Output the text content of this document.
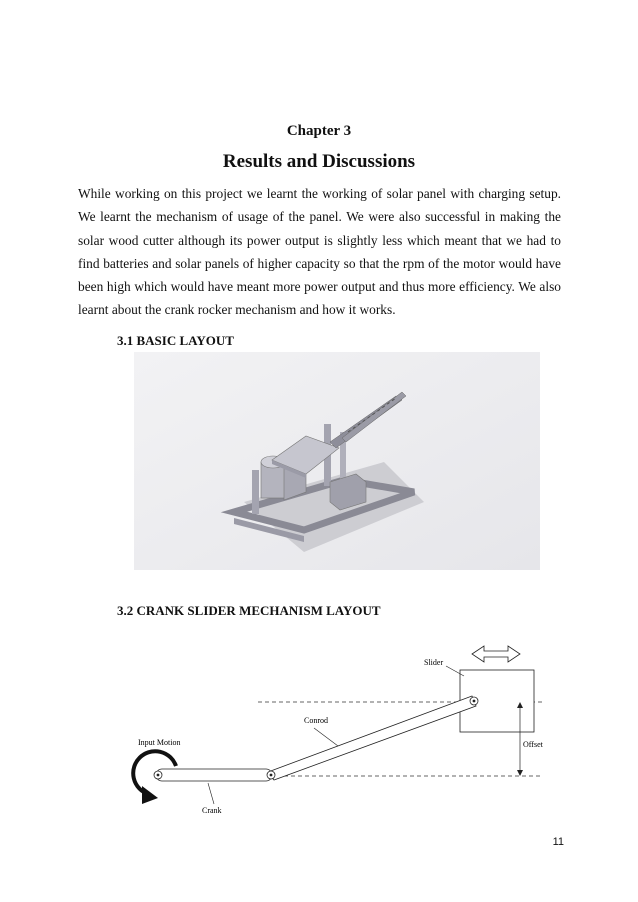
Chapter 3
Results and Discussions

While working on this project we learnt the working of solar panel with charging setup. We learnt the mechanism of usage of the panel. We were also successful in making the solar wood cutter although its power output is slightly less which meant that we had to find batteries and solar panels of higher capacity so that the rpm of the motor would have been high which would have meant more power output and thus more efficiency. We also learnt about the crank rocker mechanism and how it works.

3.1 BASIC LAYOUT
3.2 CRANK SLIDER MECHANISM LAYOUT
Slider
Offset
Conrod
Crank
Input Motion
11
